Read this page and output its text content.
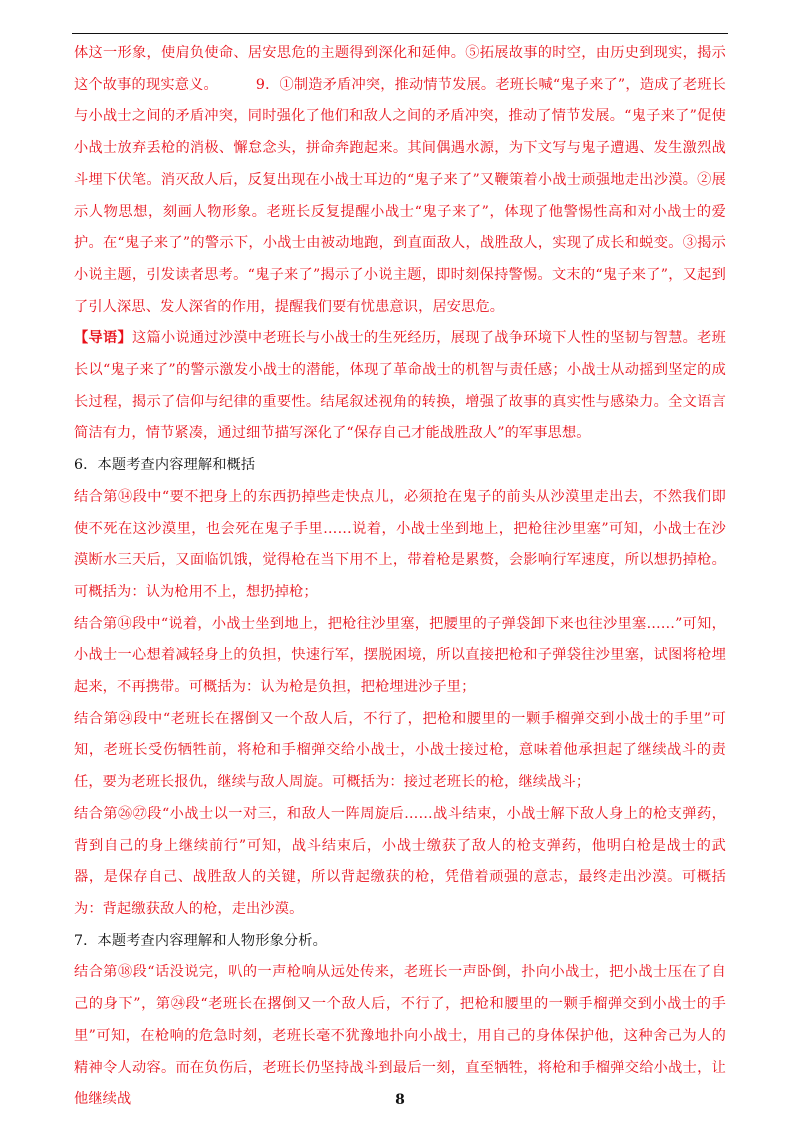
体这一形象，使肩负使命、居安思危的主题得到深化和延伸。⑤拓展故事的时空，由历史到现实，揭示这个故事的现实意义。	9．①制造矛盾冲突，推动情节发展。老班长喊“鬼子来了”，造成了老班长与小战士之间的矛盾冲突，同时强化了他们和敌人之间的矛盾冲突，推动了情节发展。“鬼子来了”促使小战士放弃丢枪的消极、懈怠念头，拼命奔跑起来。其间偶遇水源，为下文写与鬼子遭遇、发生激烈战斗埋下伏笔。消灭敌人后，反复出现在小战士耳边的“鬼子来了”又鞭策着小战士顽强地走出沙漠。②展示人物思想，刻画人物形象。老班长反复提醒小战士“鬼子来了”，体现了他警惕性高和对小战士的爱护。在“鬼子来了”的警示下，小战士由被动地跑，到直面敌人，战胜敌人，实现了成长和蜕变。③揭示小说主题，引发读者思考。“鬼子来了”揭示了小说主题，即时刻保持警惕。文末的“鬼子来了”，又起到了引人深思、发人深省的作用，提醒我们要有忧患意识，居安思危。

【导语】这篇小说通过沙漠中老班长与小战士的生死经历，展现了战争环境下人性的坚韧与智慧。老班长以“鬼子来了”的警示激发小战士的潜能，体现了革命战士的机智与责任感；小战士从动摇到坚定的成长过程，揭示了信仰与纪律的重要性。结尾叙述视角的转换，增强了故事的真实性与感染力。全文语言简洁有力，情节紧凑，通过细节描写深化了“保存自己才能战胜敌人”的军事思想。

6．本题考查内容理解和概括

结合第⑭段中“要不把身上的东西扔掉些走快点儿，必须抢在鬼子的前头从沙漠里走出去，不然我们即使不死在这沙漠里，也会死在鬼子手里……说着，小战士坐到地上，把枪往沙里塞”可知，小战士在沙漠断水三天后，又面临饥饿，觉得枪在当下用不上，带着枪是累赘，会影响行军速度，所以想扔掉枪。可概括为：认为枪用不上，想扔掉枪；

结合第⑭段中“说着，小战士坐到地上，把枪往沙里塞，把腰里的子弹袋卸下来也往沙里塞……”可知，小战士一心想着减轻身上的负担，快速行军，摆脱困境，所以直接把枪和子弹袋往沙里塞，试图将枪埋起来，不再携带。可概括为：认为枪是负担，把枪埋进沙子里；

结合第㉔段中“老班长在撂倒又一个敌人后，不行了，把枪和腰里的一颗手榴弹交到小战士的手里”可知，老班长受伤牺牲前，将枪和手榴弹交给小战士，小战士接过枪，意味着他承担起了继续战斗的责任，要为老班长报仇，继续与敌人周旋。可概括为：接过老班长的枪，继续战斗；

结合第㉖㉗段“小战士以一对三，和敌人一阵周旋后……战斗结束，小战士解下敌人身上的枪支弹药，背到自己的身上继续前行”可知，战斗结束后，小战士缴获了敌人的枪支弹药，他明白枪是战士的武器，是保存自己、战胜敌人的关键，所以背起缴获的枪，凭借着顽强的意志，最终走出沙漠。可概括为：背起缴获敌人的枪，走出沙漠。

7．本题考查内容理解和人物形象分析。

结合第⑱段“话没说完，叭的一声枪响从远处传来，老班长一声卧倒，扑向小战士，把小战士压在了自己的身下”，第㉔段“老班长在撂倒又一个敌人后，不行了，把枪和腰里的一颗手榴弹交到小战士的手里”可知，在枪响的危急时刻，老班长毫不犹豫地扑向小战士，用自己的身体保护他，这种舍己为人的精神令人动容。而在负伤后，老班长仍坚持战斗到最后一刻，直至牺牲，将枪和手榴弹交给小战士，让他继续战	8
